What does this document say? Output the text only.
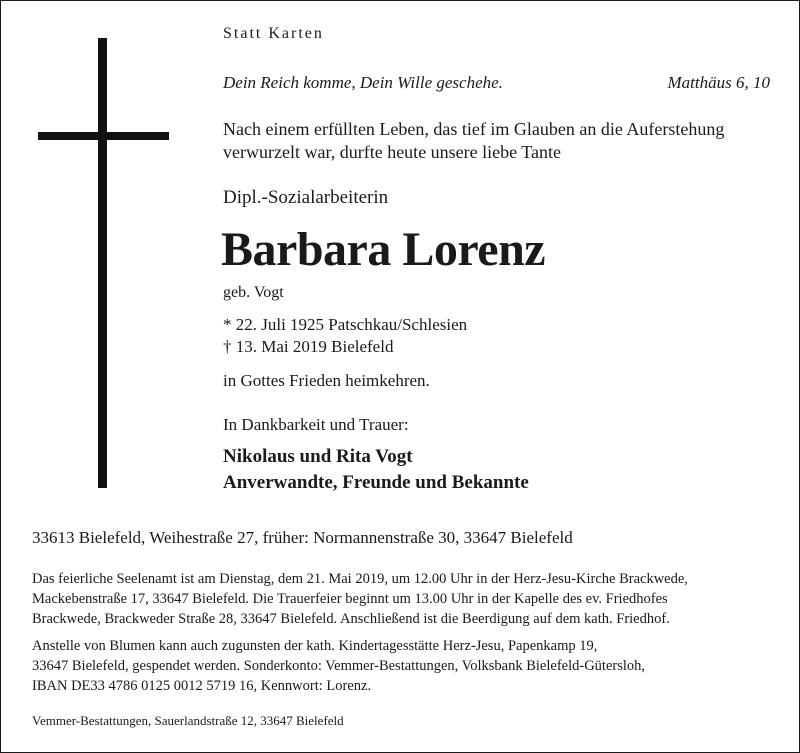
Statt Karten
Dein Reich komme, Dein Wille geschehe.	Matthäus 6, 10
Nach einem erfüllten Leben, das tief im Glauben an die Auferstehung
verwurzelt war, durfte heute unsere liebe Tante
Dipl.-Sozialarbeiterin
Barbara Lorenz
geb. Vogt
* 22. Juli 1925 Patschkau/Schlesien
† 13. Mai 2019 Bielefeld
in Gottes Frieden heimkehren.
In Dankbarkeit und Trauer:
Nikolaus und Rita Vogt
Anverwandte, Freunde und Bekannte
33613 Bielefeld, Weihestraße 27, früher: Normannenstraße 30, 33647 Bielefeld
Das feierliche Seelenamt ist am Dienstag, dem 21. Mai 2019, um 12.00 Uhr in der Herz-Jesu-Kirche Brackwede,
Mackebenstraße 17, 33647 Bielefeld. Die Trauerfeier beginnt um 13.00 Uhr in der Kapelle des ev. Friedhofes
Brackwede, Brackweder Straße 28, 33647 Bielefeld. Anschließend ist die Beerdigung auf dem kath. Friedhof.
Anstelle von Blumen kann auch zugunsten der kath. Kindertagesstätte Herz-Jesu, Papenkamp 19,
33647 Bielefeld, gespendet werden. Sonderkonto: Vemmer-Bestattungen, Volksbank Bielefeld-Gütersloh,
IBAN DE33 4786 0125 0012 5719 16, Kennwort: Lorenz.
Vemmer-Bestattungen, Sauerlandstraße 12, 33647 Bielefeld
